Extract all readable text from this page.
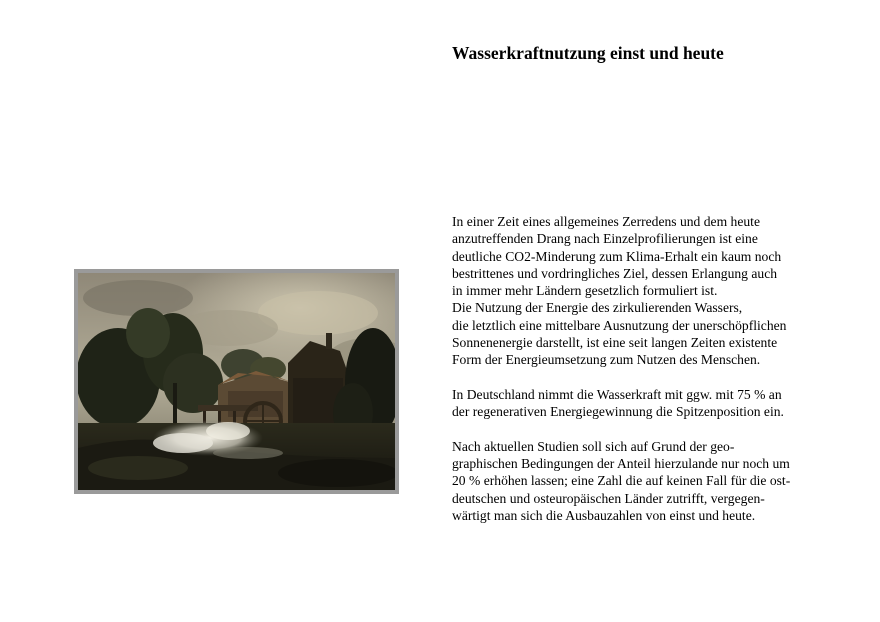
Wasserkraftnutzung einst und heute
In einer Zeit eines allgemeines Zerredens und dem heute
anzutreffenden Drang nach Einzelprofilierungen ist eine
deutliche CO2-Minderung zum Klima-Erhalt ein kaum noch
bestrittenes und vordringliches Ziel, dessen Erlangung auch
in immer mehr Ländern gesetzlich formuliert ist.
Die Nutzung der Energie des zirkulierenden Wassers,
die letztlich eine mittelbare Ausnutzung der unerschöpflichen
Sonnenenergie darstellt, ist eine seit langen Zeiten existente
Form der Energieumsetzung zum Nutzen des Menschen.
In Deutschland nimmt die Wasserkraft mit ggw. mit 75 % an
der regenerativen Energiegewinnung die Spitzenposition ein.
Nach aktuellen Studien soll sich auf Grund der geo-
graphischen Bedingungen der Anteil hierzulande nur noch um
20 % erhöhen lassen; eine Zahl die auf keinen Fall für die ost-
deutschen und osteuropäischen Länder zutrifft, vergegen-
wärtigt man sich die Ausbauzahlen von einst und heute.
